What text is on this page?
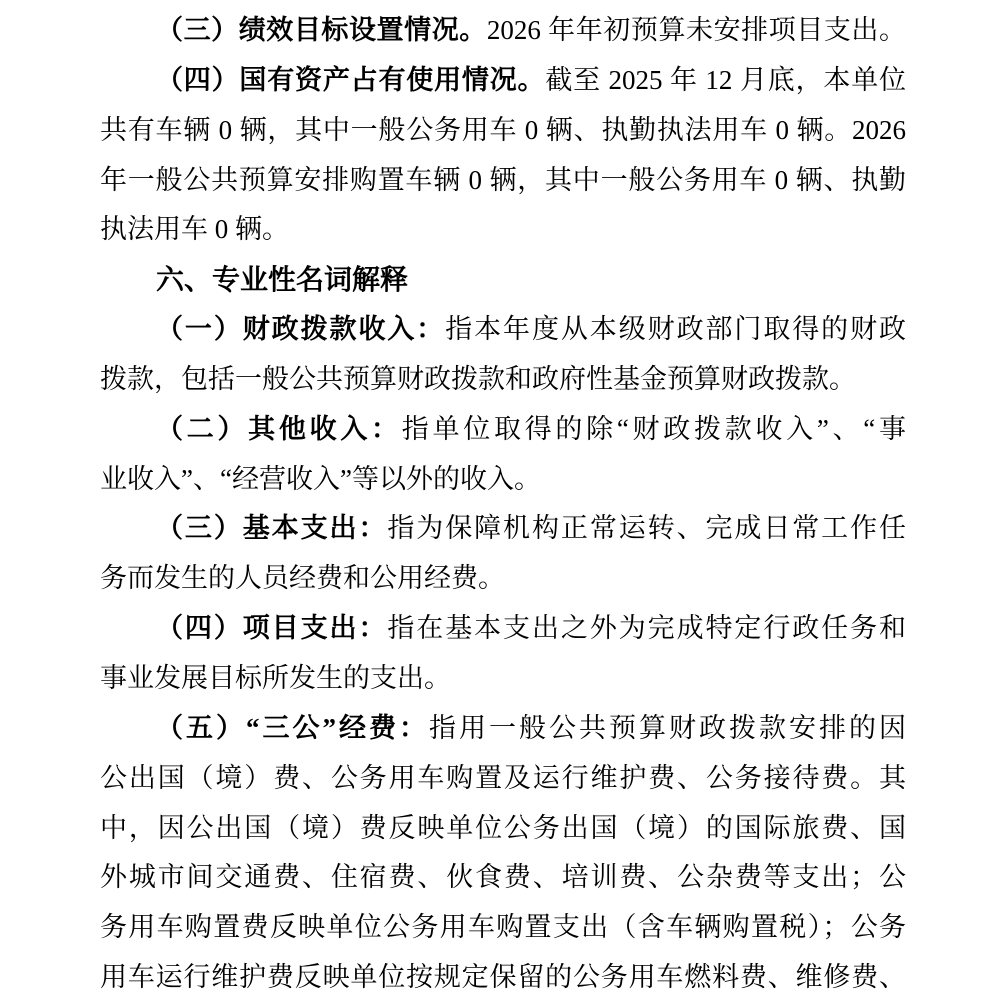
（三）绩效目标设置情况。2026 年年初预算未安排项目支出。
（四）国有资产占有使用情况。截至 2025 年 12 月底，本单位
共有车辆 0 辆，其中一般公务用车 0 辆、执勤执法用车 0 辆。2026
年一般公共预算安排购置车辆 0 辆，其中一般公务用车 0 辆、执勤
执法用车 0 辆。
六、专业性名词解释
（一）财政拨款收入：指本年度从本级财政部门取得的财政
拨款，包括一般公共预算财政拨款和政府性基金预算财政拨款。
（二）其他收入：指单位取得的除“财政拨款收入”、“事
业收入”、“经营收入”等以外的收入。
（三）基本支出：指为保障机构正常运转、完成日常工作任
务而发生的人员经费和公用经费。
（四）项目支出：指在基本支出之外为完成特定行政任务和
事业发展目标所发生的支出。
（五）“三公”经费：指用一般公共预算财政拨款安排的因
公出国（境）费、公务用车购置及运行维护费、公务接待费。其
中，因公出国（境）费反映单位公务出国（境）的国际旅费、国
外城市间交通费、住宿费、伙食费、培训费、公杂费等支出；公
务用车购置费反映单位公务用车购置支出（含车辆购置税）；公务
用车运行维护费反映单位按规定保留的公务用车燃料费、维修费、
